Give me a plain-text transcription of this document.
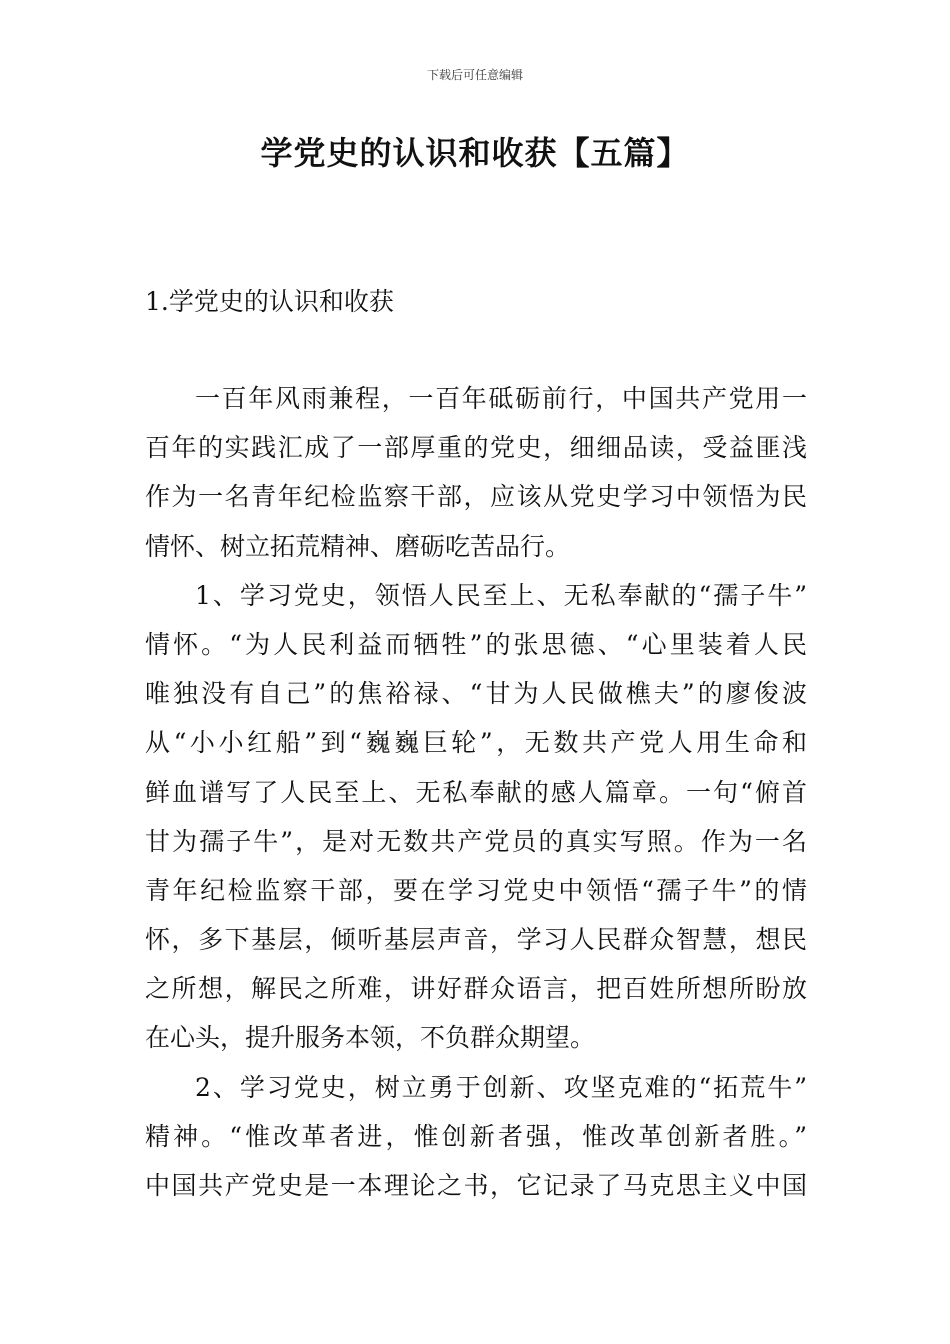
下载后可任意编辑
学党史的认识和收获【五篇】
1.学党史的认识和收获
一百年风雨兼程，一百年砥砺前行，中国共产党用一
百年的实践汇成了一部厚重的党史，细细品读，受益匪浅
作为一名青年纪检监察干部，应该从党史学习中领悟为民
情怀、树立拓荒精神、磨砺吃苦品行。
1、学习党史，领悟人民至上、无私奉献的“孺子牛”
情怀。“为人民利益而牺牲”的张思德、“心里装着人民
唯独没有自己”的焦裕禄、“甘为人民做樵夫”的廖俊波
从“小小红船”到“巍巍巨轮”，无数共产党人用生命和
鲜血谱写了人民至上、无私奉献的感人篇章。一句“俯首
甘为孺子牛”，是对无数共产党员的真实写照。作为一名
青年纪检监察干部，要在学习党史中领悟“孺子牛”的情
怀，多下基层，倾听基层声音，学习人民群众智慧，想民
之所想，解民之所难，讲好群众语言，把百姓所想所盼放
在心头，提升服务本领，不负群众期望。
2、学习党史，树立勇于创新、攻坚克难的“拓荒牛”
精神。“惟改革者进，惟创新者强，惟改革创新者胜。”
中国共产党史是一本理论之书，它记录了马克思主义中国
